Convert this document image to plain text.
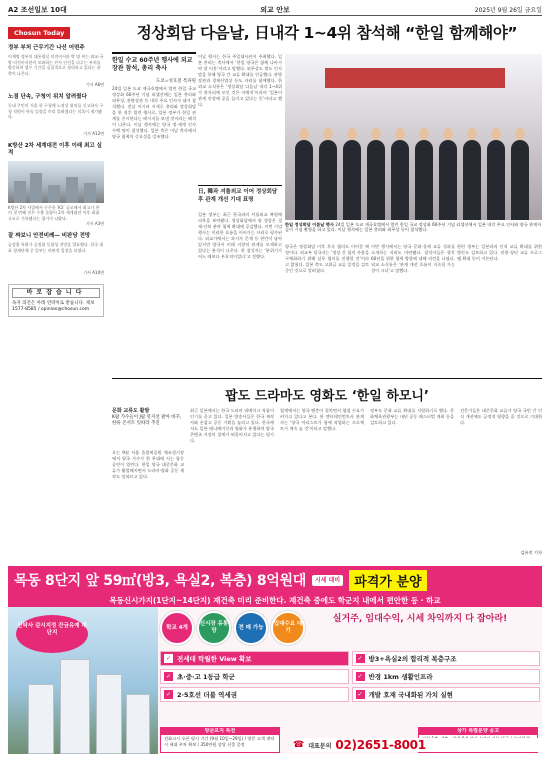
A2 조선일보 10대	외교 안보	2025년 9월 26일 금요일
Chosun Today
정부 부처 근무기간 나선 어떤주
이재명 정부의 대통령실 의전비서관 박 명 씨는 외교·국방·의전비서관이 보좌하는 인사 안건을 다루는 부처를 방문하며 업무 기간을 실질적으로 정리하고 있다는 관측이 나온다.
기사 A6면
노점 단속, 구청이 위치 알려줬다
동네 주민이 서울 한 구청에 노점상 위치를 신고하자 구청 직원이 단속 일정을 미리 알려줬다는 의혹이 제기됐다.
기사 A12면
K방산 2차 세계대전 이후 이래 최고 실적
K방산 2차 사업에서 수주한 ‘K3’ 공모에서 최고가 찬 의 첫 번째 전투 수출 물량이 2차 세계대전 이후 최대 규모로 기록됐다는 평가가 나왔다.
기사 A3면
잘 짜보니 안전비례— 비판당 전망
공정위 특위가 공정위 독립성 전망을 발표했다. 한국 대표 경제단체 중 일부는 비판적 입장을 보였다.
기사 A10면
바로잡습니다
독자 의견은 아래 연락처로 받습니다. 제보 1577-8585 / opinion@chosun.com
정상회담 다음날, 日내각 1~4위 참석해 “한일 함께해야”
한일 수교 60주년 행사에 외교장관 참석, 총리 축사
도쿄=성호철 특파원
24일 일본 도쿄 제국호텔에서 열린 한일 국교 정상화 60주년 기념 리셉션에는 일본 총리와 외무상, 관방장관 등 내각 주요 인사가 대거 참석했다. 전날 이시바 시게루 총리와 정상회담을 한 직후 열린 행사로, 일본 정부가 한일 관계를 중시한다는 메시지를 보낸 것이라는 해석이 나온다. 이날 행사에는 양국 정·재계 인사 수백 명이 참석했다. 일본 측은 이날 축사에서 양국 협력의 중요성을 강조했다.
이날 행사는 한국 주일대사관이 주최했다. 일본 총리는 축사에서 ‘한일 양국은 함께 나아가야 할 이웃’이라고 말했다. 외무상도 별도 인사말을 통해 양국 간 교류 확대를 언급했다. 관방장관과 경제산업상 등도 자리를 함께했다. 한 외교 소식통은 ‘정상회담 다음날 내각 1~4위가 한자리에 모인 것은 이례적’이라며 ‘일본이 관계 안정에 공을 들이고 있다는 뜻’이라고 했다.
日, 韓과 셔틀외교 이어 정상회담 후 관계 개선 기대 표명
일본 정부는 최근 한국과의 셔틀외교 복원에 의욕을 보여왔다. 정상회담에서 양 정상은 경제·안보 분야 협력 확대에 공감했다. 이번 기념 행사는 이러한 흐름을 이어가는 자리로 평가된다. 외교가에서는 과거사 문제 등 현안이 남아 있지만 양국이 미래 지향적 관계를 모색하고 있다는 분석이 나온다. 한 참석자는 ‘분위기가 어느 때보다 우호적이었다’고 전했다.
한일 정상회담 이튿날 행사 24일 일본 도쿄 제국호텔에서 열린 한일 국교 정상화 60주년 기념 리셉션에서 일본 내각 주요 인사와 양국 관계자들이 기념 촬영을 하고 있다. 이날 행사에는 일본 총리와 외무상 등이 참석했다.
양국은 정상회담 이후 후속 협의도 이어갈 예정이다. 외교부 당국자는 ‘정상 간 합의 사항을 구체화하기 위해 실무 협의를 진행할 것’이라고 밝혔다. 일본 측도 고위급 교류 일정을 검토 중인 것으로 알려졌다.
이번 행사에서는 양국 문화·경제 교류 성과를 소개하는 자리도 마련됐다. 참석자들은 향후 60년을 위한 협력 방향에 대해 의견을 나눴다. 외교 소식통은 ‘관계 개선 흐름이 지속될 가능성이 크다’고 말했다.
한편 정부는 일본과의 인적 교류 확대를 위한 방안도 검토하고 있다. 관광·청년 교류 프로그램 확대 등이 거론된다.
팝도 드라마도 영화도 ‘한일 하모니’
문화 교류도 활발
K팝 가수들이 J팝 뮤지션 팔아 바꾸, 한류 콘서트 잇따라 추진
오는 9월 서울 올림픽공원 체조경기장에서 양국 가수가 한 무대에 서는 합동 공연이 열린다. 한일 양국 대중문화 교류가 활발해지면서 드라마·영화 공동 제작도 잇따르고 있다.
최근 일본에서는 한국 드라마 리메이크 작품이 인기를 끌고 있다. 일본 방송사들은 한국 제작사와 손잡고 공동 기획을 늘리고 있다. 한국에서도 일본 애니메이션과 영화가 흥행하며 양국 콘텐츠 시장의 경계가 허물어지고 있다는 평가다.
업계에서는 양국 팬층이 겹치면서 협업 수요가 커지고 있다고 본다. 한 엔터테인먼트사 관계자는 ‘양국 아티스트가 함께 작업하는 프로젝트가 계속 늘 것’이라고 말했다.
정부도 문화 교류 확대를 지원하기로 했다. 문화체육관광부는 내년 공동 페스티벌 개최 등을 검토하고 있다.
전문가들은 대중문화 교류가 양국 국민 간 인식 개선에도 긍정적 영향을 줄 것으로 기대한다.
김유진 기자
목동 8단지 앞 59㎡(방3, 욕실2, 복층) 8억원대	시세 대비	파격가 분양
목동신시가지(1단지~14단지) 재건축 미리 준비한다. 재건축 중에도 학군지 내에서 편안한 등 · 하교
신탁사 감시지정 잔금유예 대단지
학교 4개
신시장 유통망
전 매 가능
입대수요 대기
실거주, 임대수익, 시세 차익까지 다 잡아라!
✓ 전세대 탁월한 View 확보	✓ 방3+욕실2의 합리적 복층구조
✓ 초·중·고 1등급 학군	✓ 반경 1km 생활인프라
✓ 2·5호선 더블 역세권	✓ 개발 호재 국내화된 가치 실현
방문요지 특전
전화고시 오픈 평시 기간 (9월 10일~29일) / 방문 고객 계약 시 세대 주차 확보 / 350만원 상당 선물 증정
상가 특별분양 공고
☎ 대표문의 02)2651-8001
